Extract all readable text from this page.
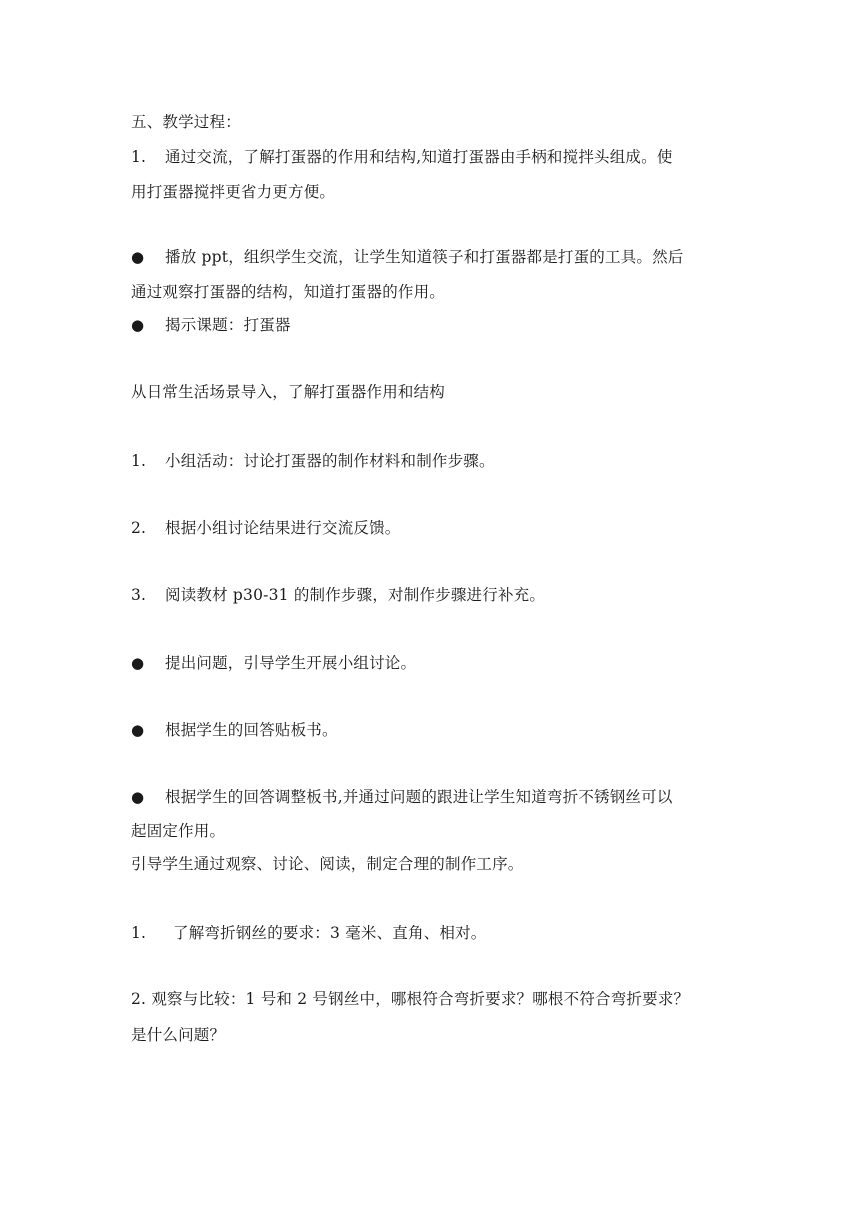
五、教学过程：
1. 通过交流，了解打蛋器的作用和结构,知道打蛋器由手柄和搅拌头组成。使
用打蛋器搅拌更省力更方便。
● 播放 ppt，组织学生交流，让学生知道筷子和打蛋器都是打蛋的工具。然后
通过观察打蛋器的结构，知道打蛋器的作用。
● 揭示课题：打蛋器
从日常生活场景导入，了解打蛋器作用和结构
1. 小组活动：讨论打蛋器的制作材料和制作步骤。
2. 根据小组讨论结果进行交流反馈。
3. 阅读教材 p30-31 的制作步骤，对制作步骤进行补充。
● 提出问题，引导学生开展小组讨论。
● 根据学生的回答贴板书。
● 根据学生的回答调整板书,并通过问题的跟进让学生知道弯折不锈钢丝可以
起固定作用。
引导学生通过观察、讨论、阅读，制定合理的制作工序。
1. 了解弯折钢丝的要求：3 毫米、直角、相对。
2. 观察与比较：1 号和 2 号钢丝中，哪根符合弯折要求？哪根不符合弯折要求？
是什么问题？
